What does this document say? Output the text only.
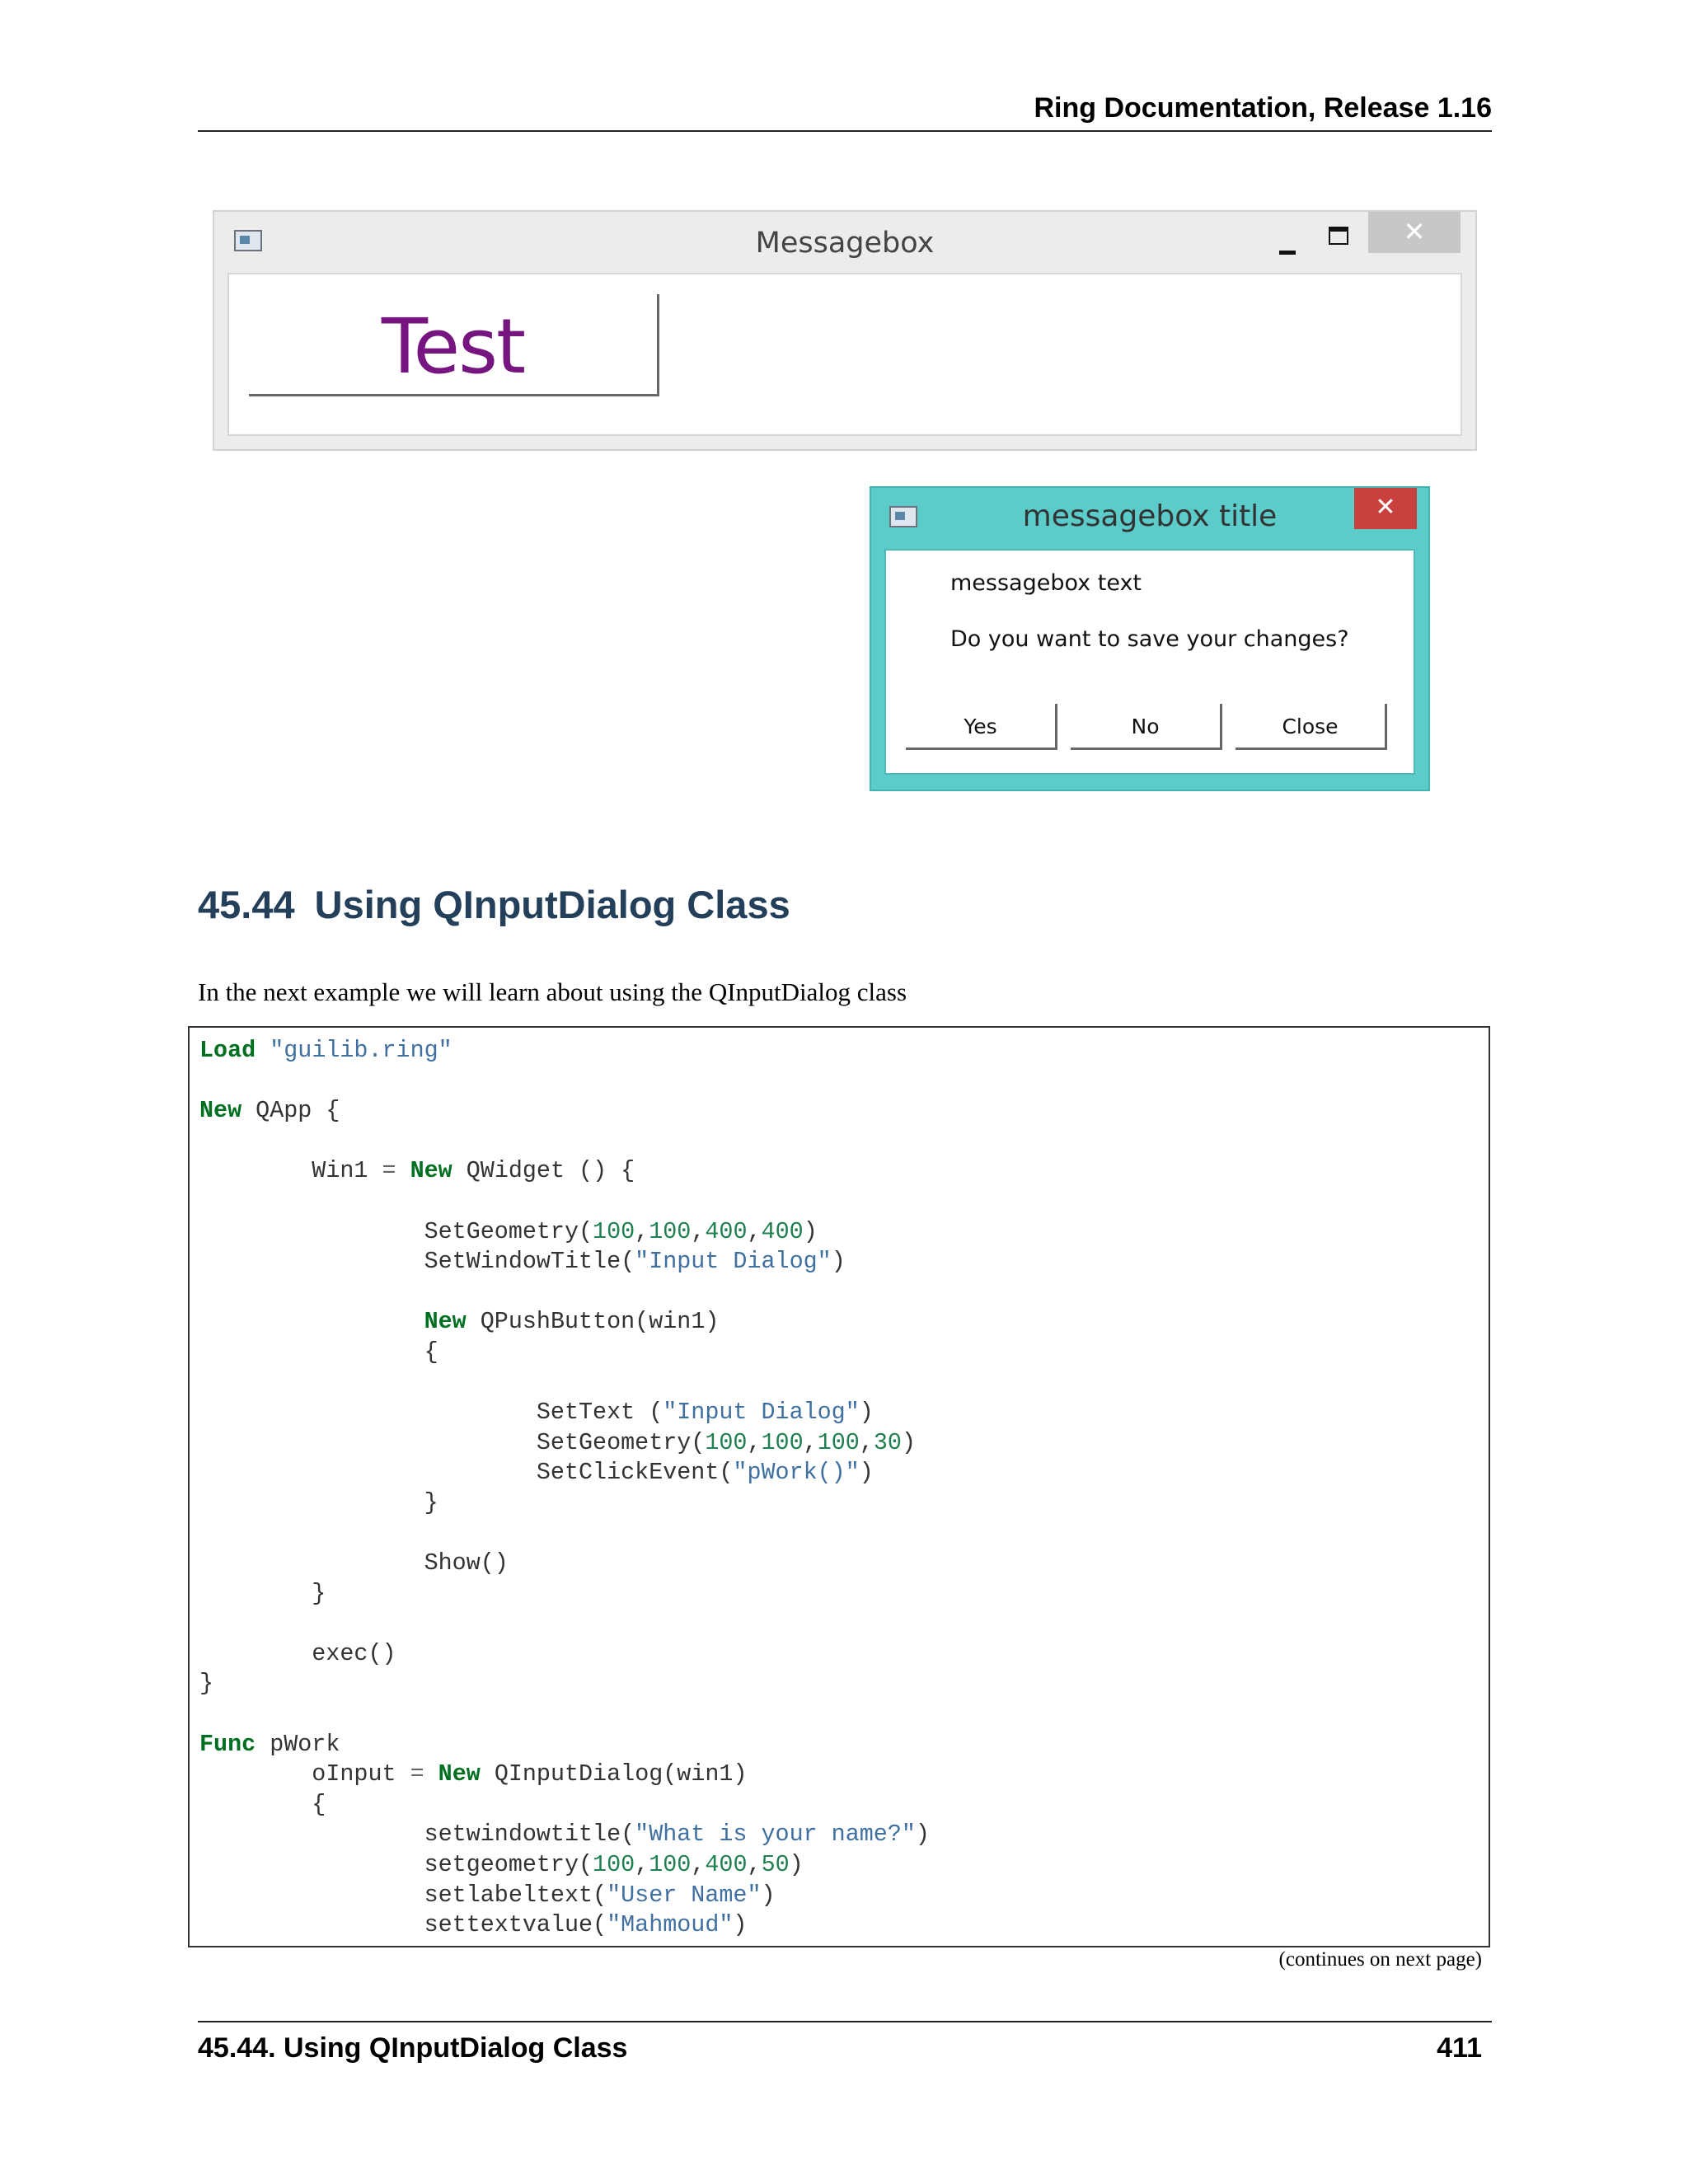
Ring Documentation, Release 1.16
Messagebox	✕
Test
messagebox title	✕
messagebox text
Do you want to save your changes?
Yes	No	Close
45.44 Using QInputDialog Class

In the next example we will learn about using the QInputDialog class

Load "guilib.ring"

New QApp {

Win1 = New QWidget () {

SetGeometry(100,100,400,400)
SetWindowTitle("Input Dialog")

New QPushButton(win1)
{

SetText ("Input Dialog")
SetGeometry(100,100,100,30)
SetClickEvent("pWork()")
}

Show()
}

exec()
}

Func pWork
oInput = New QInputDialog(win1)
{
setwindowtitle("What is your name?")
setgeometry(100,100,400,50)
setlabeltext("User Name")
settextvalue("Mahmoud")
(continues on next page)
45.44. Using QInputDialog Class	411
